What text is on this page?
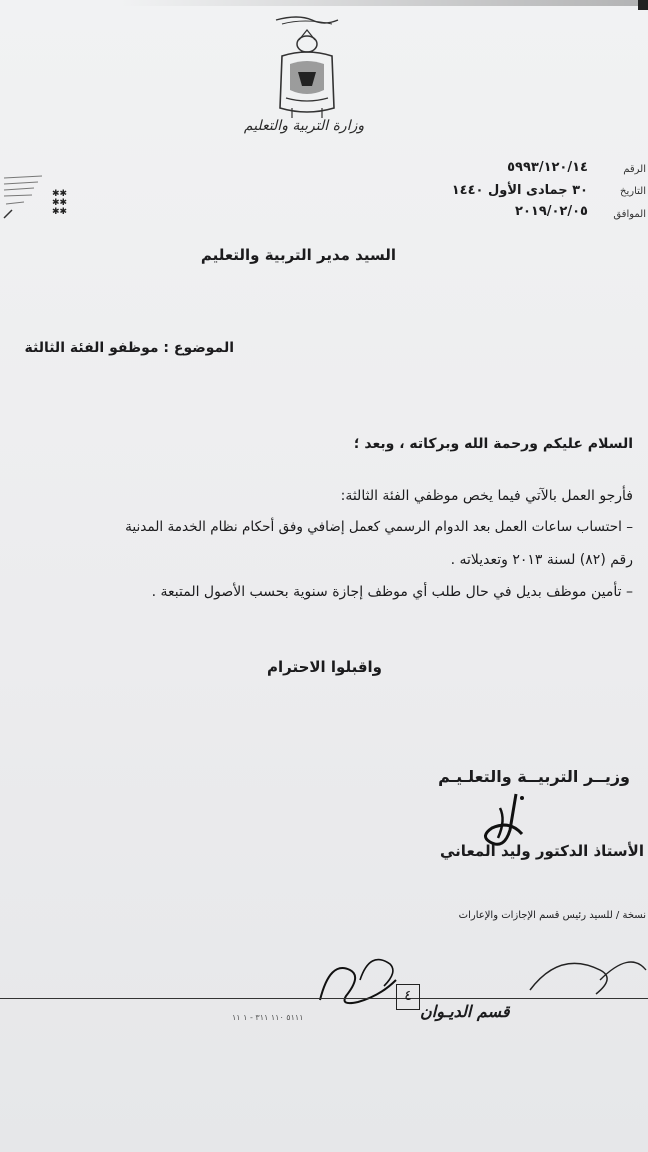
وزارة التربية والتعليم
✱✱
✱✱
✱✱
الرقم
٥٩٩٣/١٢٠/١٤
التاريخ
٣٠ جمادى الأول ١٤٤٠
الموافق
٢٠١٩/٠٢/٠٥
السيد مدير التربية والتعليم
الموضوع : موظفو الفئة الثالثة
السلام عليكم ورحمة الله وبركاته ، وبعد ؛
فأرجو العمل بالآتي فيما يخص موظفي الفئة الثالثة:
– احتساب ساعات العمل بعد الدوام الرسمي كعمل إضافي وفق أحكام نظام الخدمة المدنية
رقم (٨٢) لسنة ٢٠١٣ وتعديلاته .
– تأمين موظف بديل في حال طلب أي موظف إجازة سنوية بحسب الأصول المتبعة .
واقبلوا الاحترام
وزيــر التربيــة والتعلـيـم
الأستاذ الدكتور وليد المعاني
نسخة / للسيد رئيس قسم الإجازات والإعارات
٤
قسم الديـوان
٥١١١ ١١٠ ٣١١ - ١ ١١
